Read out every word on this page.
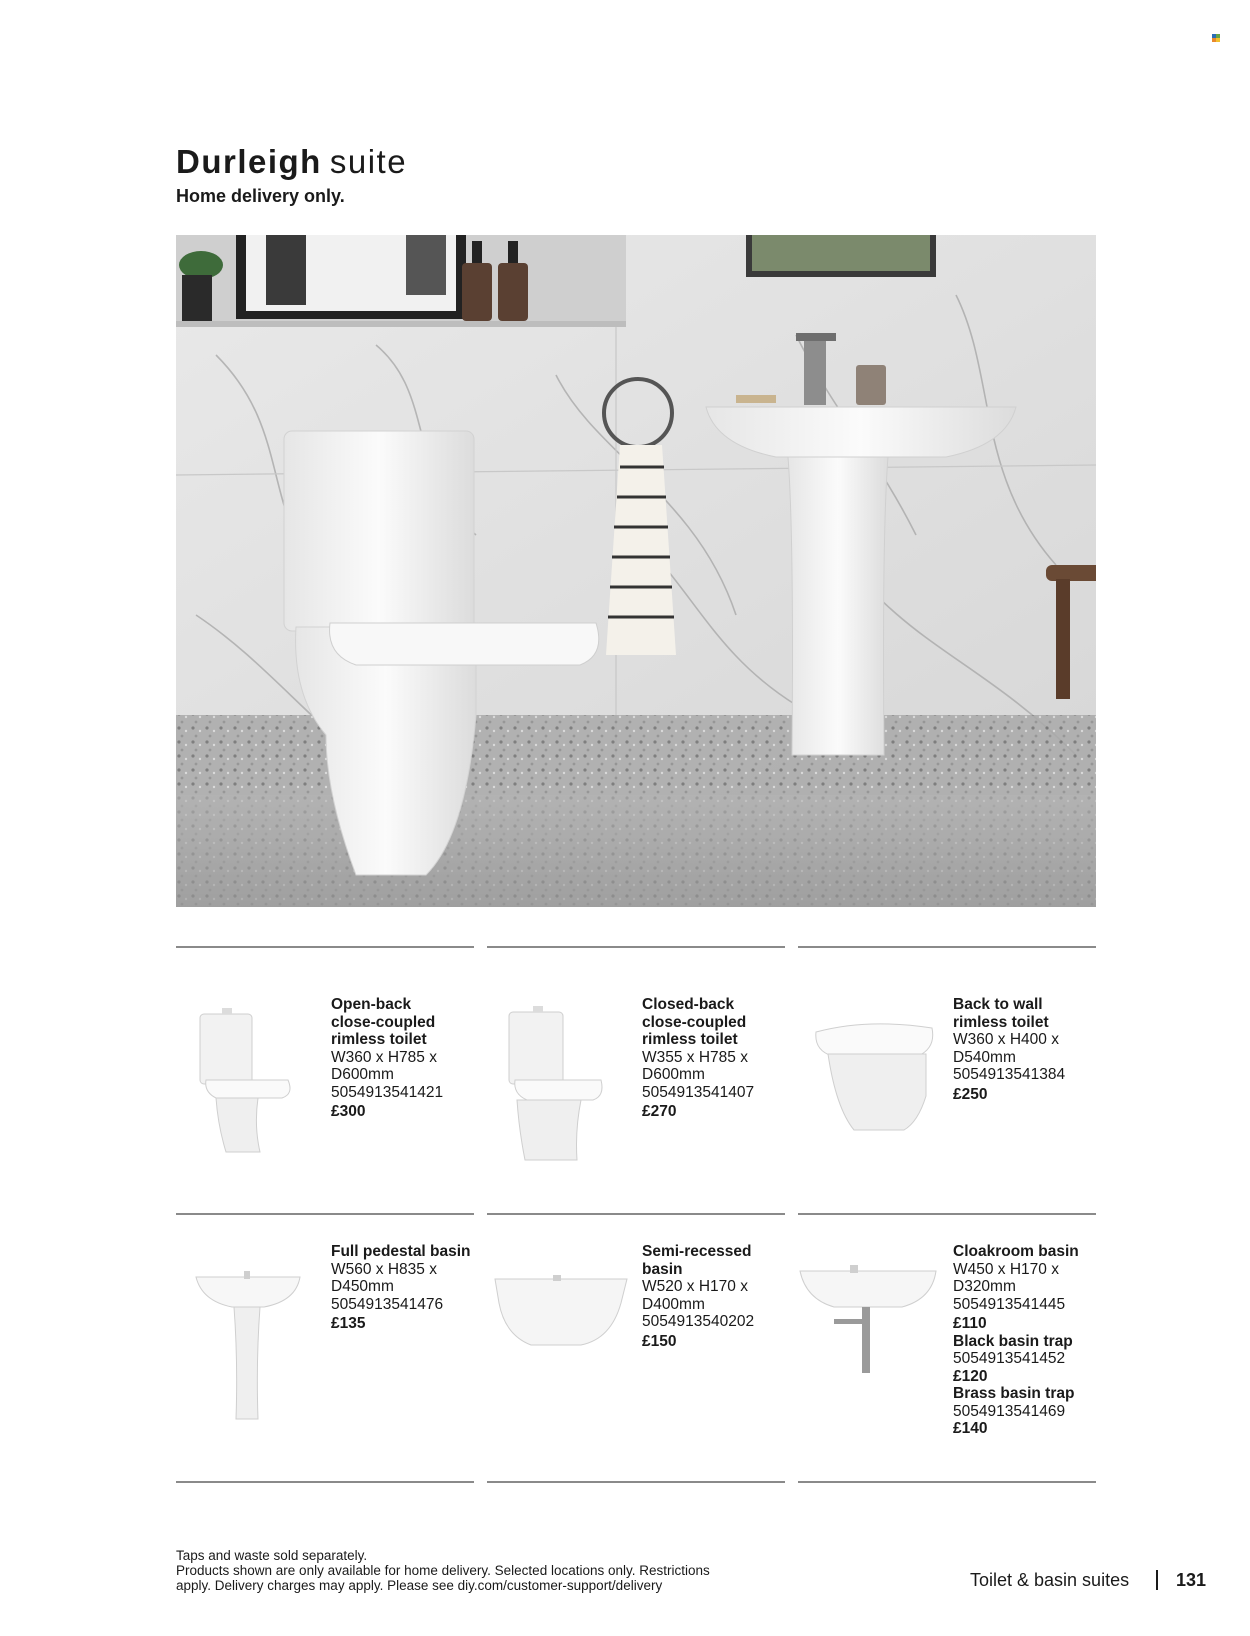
Durleigh suite
Home delivery only.
Open-back
close-coupled
rimless toilet
W360 x H785 x
D600mm
5054913541421
£300
Closed-back
close-coupled
rimless toilet
W355 x H785 x
D600mm
5054913541407
£270
Back to wall
rimless toilet
W360 x H400 x
D540mm
5054913541384
£250
Full pedestal basin
W560 x H835 x
D450mm
5054913541476
£135
Semi-recessed
basin
W520 x H170 x
D400mm
5054913540202
£150
Cloakroom basin
W450 x H170 x
D320mm
5054913541445
£110
Black basin trap
5054913541452
£120
Brass basin trap
5054913541469
£140
Taps and waste sold separately.
Products shown are only available for home delivery. Selected locations only. Restrictions
apply. Delivery charges may apply. Please see diy.com/customer-support/delivery	Toilet & basin suites	131
